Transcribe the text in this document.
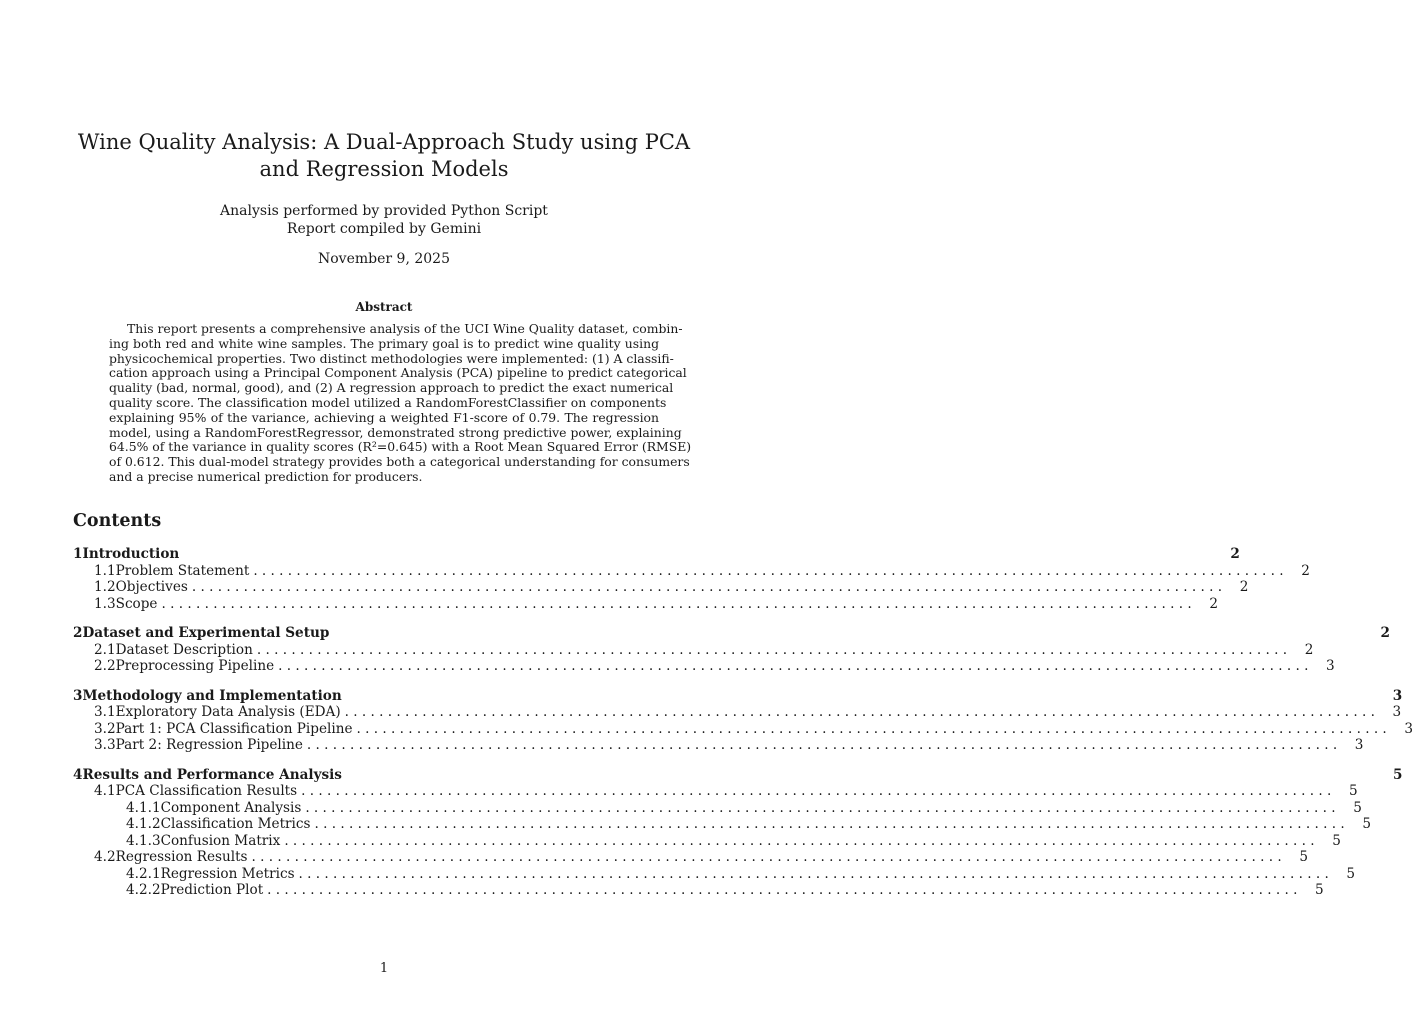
Wine Quality Analysis: A Dual-Approach Study using PCA
and Regression Models
Analysis performed by provided Python Script
Report compiled by Gemini
November 9, 2025
Abstract
This report presents a comprehensive analysis of the UCI Wine Quality dataset, combin-
ing both red and white wine samples. The primary goal is to predict wine quality using
physicochemical properties. Two distinct methodologies were implemented: (1) A classifi-
cation approach using a Principal Component Analysis (PCA) pipeline to predict categorical
quality (bad, normal, good), and (2) A regression approach to predict the exact numerical
quality score. The classification model utilized a RandomForestClassifier on components
explaining 95% of the variance, achieving a weighted F1-score of 0.79. The regression
model, using a RandomForestRegressor, demonstrated strong predictive power, explaining
64.5% of the variance in quality scores (R²=0.645) with a Root Mean Squared Error (RMSE)
of 0.612. This dual-model strategy provides both a categorical understanding for consumers
and a precise numerical prediction for producers.
Contents
1 Introduction	2
1.1 Problem Statement ........................................................................................................................ 2
1.2 Objectives ........................................................................................................................ 2
1.3 Scope ........................................................................................................................ 2
2 Dataset and Experimental Setup	2
2.1 Dataset Description ........................................................................................................................ 2
2.2 Preprocessing Pipeline ........................................................................................................................ 3
3 Methodology and Implementation	3
3.1 Exploratory Data Analysis (EDA) ........................................................................................................................ 3
3.2 Part 1: PCA Classification Pipeline ........................................................................................................................ 3
3.3 Part 2: Regression Pipeline ........................................................................................................................ 3
4 Results and Performance Analysis	5
4.1 PCA Classification Results ........................................................................................................................ 5
4.1.1 Component Analysis ........................................................................................................................ 5
4.1.2 Classification Metrics ........................................................................................................................ 5
4.1.3 Confusion Matrix ........................................................................................................................ 5
4.2 Regression Results ........................................................................................................................ 5
4.2.1 Regression Metrics ........................................................................................................................ 5
4.2.2 Prediction Plot ........................................................................................................................ 5
1
